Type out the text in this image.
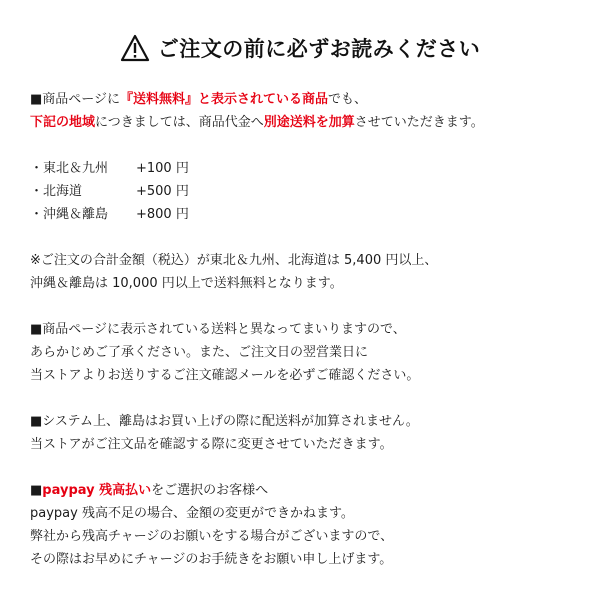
ご注文の前に必ずお読みください
■商品ページに『送料無料』と表示されている商品でも、
下記の地域につきましては、商品代金へ別途送料を加算させていただきます。
・東北＆九州	+100 円
・北海道	+500 円
・沖縄＆離島	+800 円
※ご注文の合計金額（税込）が東北＆九州、北海道は 5,400 円以上、
沖縄＆離島は 10,000 円以上で送料無料となります。
■商品ページに表示されている送料と異なってまいりますので、
あらかじめご了承ください。また、ご注文日の翌営業日に
当ストアよりお送りするご注文確認メールを必ずご確認ください。
■システム上、離島はお買い上げの際に配送料が加算されません。
当ストアがご注文品を確認する際に変更させていただきます。
■paypay 残高払いをご選択のお客様へ
paypay 残高不足の場合、金額の変更ができかねます。
弊社から残高チャージのお願いをする場合がございますので、
その際はお早めにチャージのお手続きをお願い申し上げます。
